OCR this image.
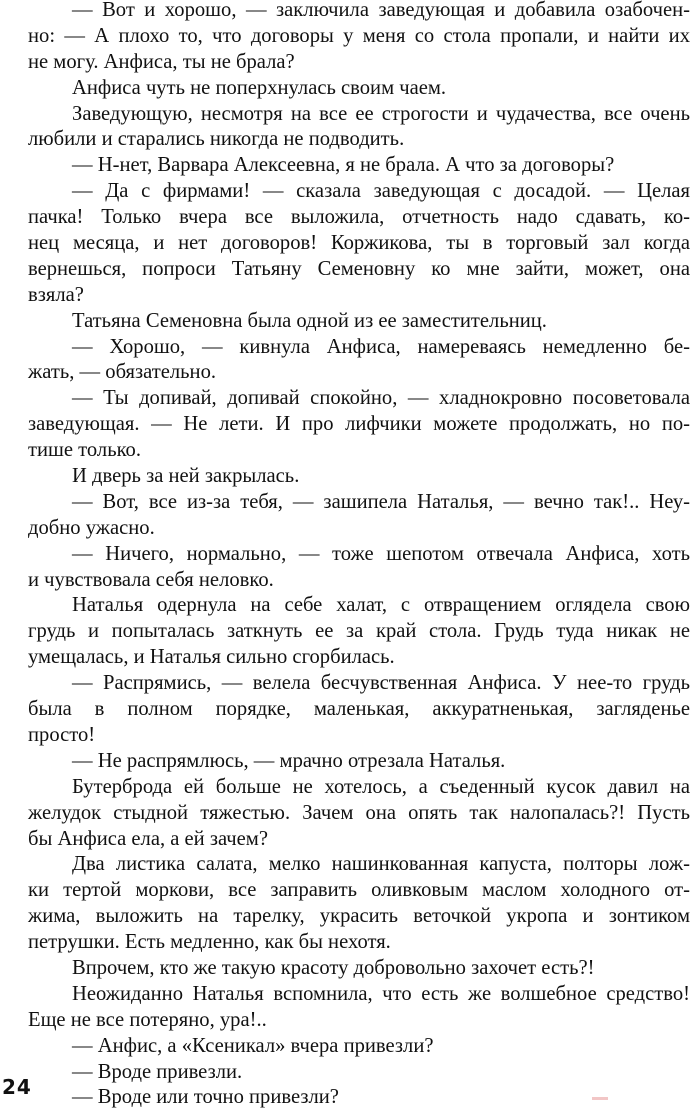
— Вот и хорошо, — заключила заведующая и добавила озабочен-
но: — А плохо то, что договоры у меня со стола пропали, и найти их
не могу. Анфиса, ты не брала?
Анфиса чуть не поперхнулась своим чаем.
Заведующую, несмотря на все ее строгости и чудачества, все очень
любили и старались никогда не подводить.
— Н-нет, Варвара Алексеевна, я не брала. А что за договоры?
— Да с фирмами! — сказала заведующая с досадой. — Целая
пачка! Только вчера все выложила, отчетность надо сдавать, ко-
нец месяца, и нет договоров! Коржикова, ты в торговый зал когда
вернешься, попроси Татьяну Семеновну ко мне зайти, может, она
взяла?
Татьяна Семеновна была одной из ее заместительниц.
— Хорошо, — кивнула Анфиса, намереваясь немедленно бе-
жать, — обязательно.
— Ты допивай, допивай спокойно, — хладнокровно посоветовала
заведующая. — Не лети. И про лифчики можете продолжать, но по-
тише только.
И дверь за ней закрылась.
— Вот, все из-за тебя, — зашипела Наталья, — вечно так!.. Неу-
добно ужасно.
— Ничего, нормально, — тоже шепотом отвечала Анфиса, хоть
и чувствовала себя неловко.
Наталья одернула на себе халат, с отвращением оглядела свою
грудь и попыталась заткнуть ее за край стола. Грудь туда никак не
умещалась, и Наталья сильно сгорбилась.
— Распрямись, — велела бесчувственная Анфиса. У нее-то грудь
была в полном порядке, маленькая, аккуратненькая, загляденье
просто!
— Не распрямлюсь, — мрачно отрезала Наталья.
Бутерброда ей больше не хотелось, а съеденный кусок давил на
желудок стыдной тяжестью. Зачем она опять так налопалась?! Пусть
бы Анфиса ела, а ей зачем?
Два листика салата, мелко нашинкованная капуста, полторы лож-
ки тертой моркови, все заправить оливковым маслом холодного от-
жима, выложить на тарелку, украсить веточкой укропа и зонтиком
петрушки. Есть медленно, как бы нехотя.
Впрочем, кто же такую красоту добровольно захочет есть?!
Неожиданно Наталья вспомнила, что есть же волшебное средство!
Еще не все потеряно, ура!..
— Анфис, а «Ксеникал» вчера привезли?
— Вроде привезли.
— Вроде или точно привезли?
24
